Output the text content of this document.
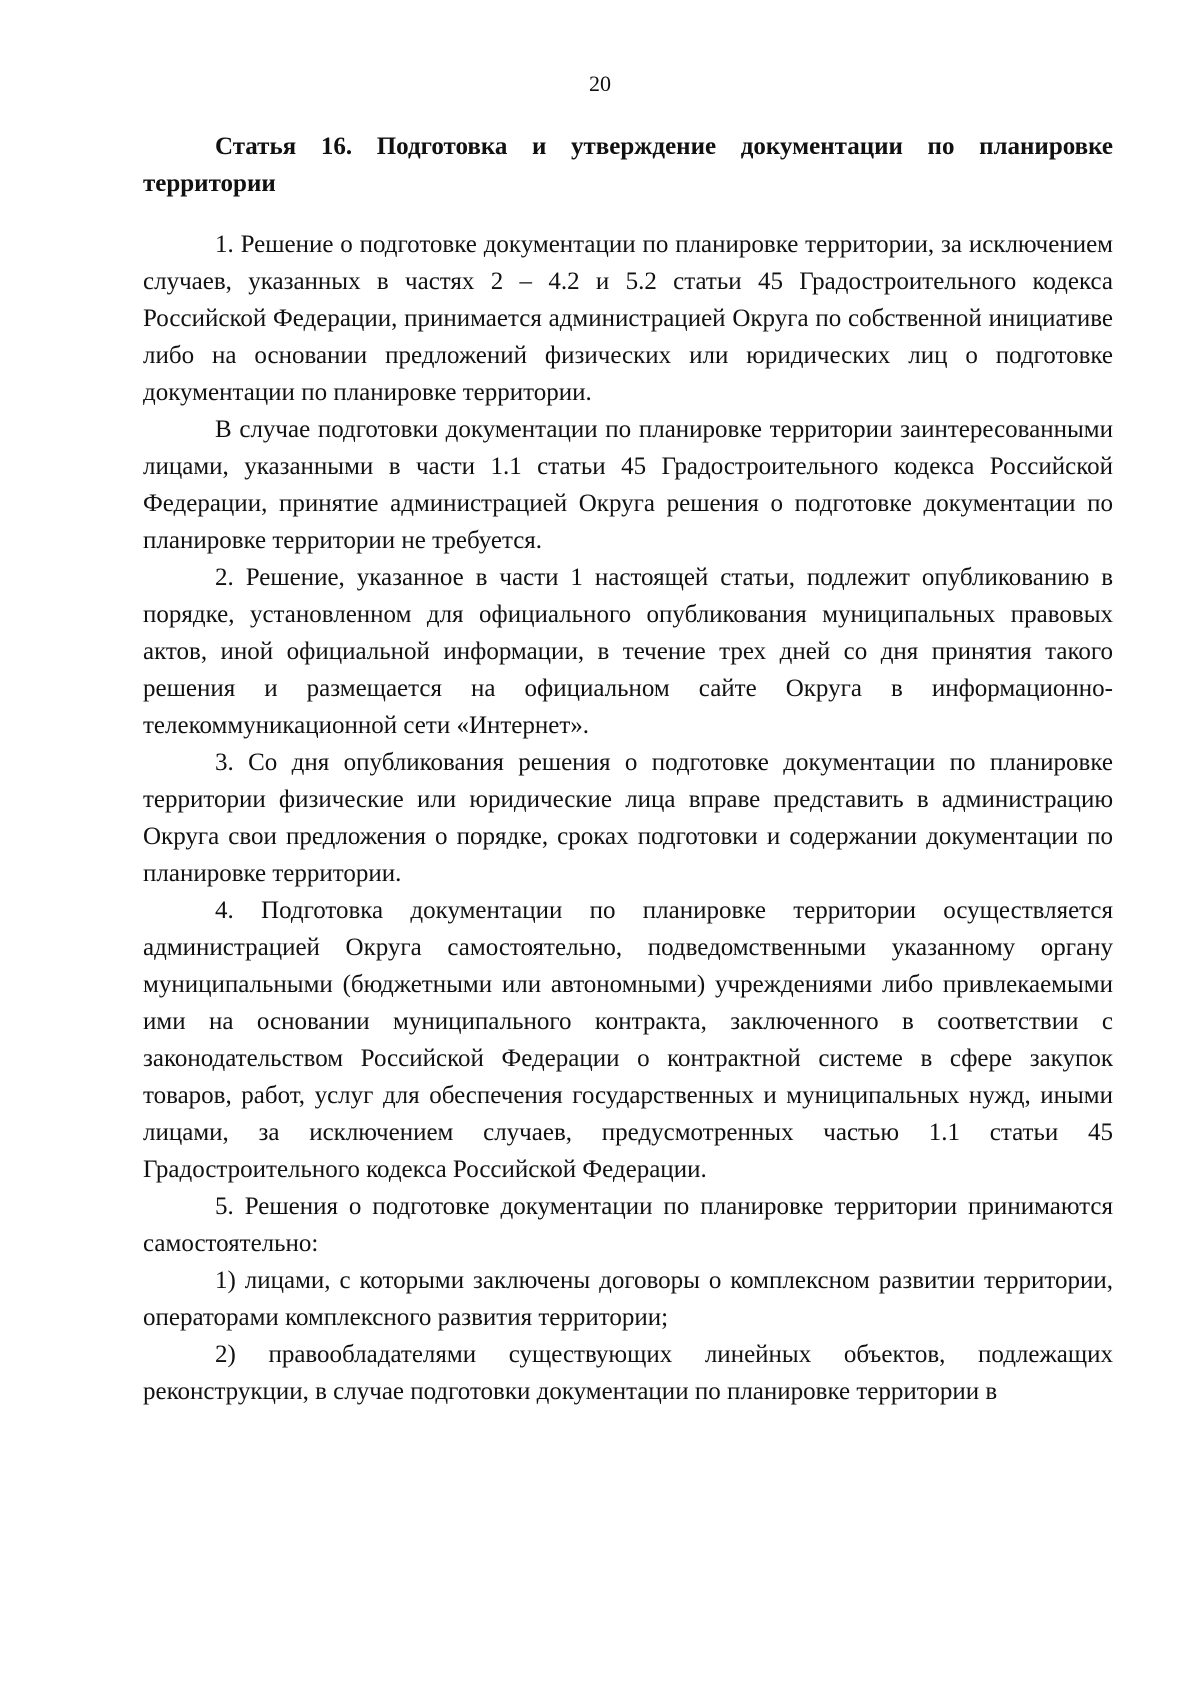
20

Статья 16. Подготовка и утверждение документации по планировке территории

1. Решение о подготовке документации по планировке территории, за исключением случаев, указанных в частях 2 – 4.2 и 5.2 статьи 45 Градостроительного кодекса Российской Федерации, принимается администрацией Округа по собственной инициативе либо на основании предложений физических или юридических лиц о подготовке документации по планировке территории.

В случае подготовки документации по планировке территории заинтересованными лицами, указанными в части 1.1 статьи 45 Градостроительного кодекса Российской Федерации, принятие администрацией Округа решения о подготовке документации по планировке территории не требуется.

2. Решение, указанное в части 1 настоящей статьи, подлежит опубликованию в порядке, установленном для официального опубликования муниципальных правовых актов, иной официальной информации, в течение трех дней со дня принятия такого решения и размещается на официальном сайте Округа в информационно-телекоммуникационной сети «Интернет».

3. Со дня опубликования решения о подготовке документации по планировке территории физические или юридические лица вправе представить в администрацию Округа свои предложения о порядке, сроках подготовки и содержании документации по планировке территории.

4. Подготовка документации по планировке территории осуществляется администрацией Округа самостоятельно, подведомственными указанному органу муниципальными (бюджетными или автономными) учреждениями либо привлекаемыми ими на основании муниципального контракта, заключенного в соответствии с законодательством Российской Федерации о контрактной системе в сфере закупок товаров, работ, услуг для обеспечения государственных и муниципальных нужд, иными лицами, за исключением случаев, предусмотренных частью 1.1 статьи 45 Градостроительного кодекса Российской Федерации.

5. Решения о подготовке документации по планировке территории принимаются самостоятельно:

1) лицами, с которыми заключены договоры о комплексном развитии территории, операторами комплексного развития территории;

2) правообладателями существующих линейных объектов, подлежащих реконструкции, в случае подготовки документации по планировке территории в
